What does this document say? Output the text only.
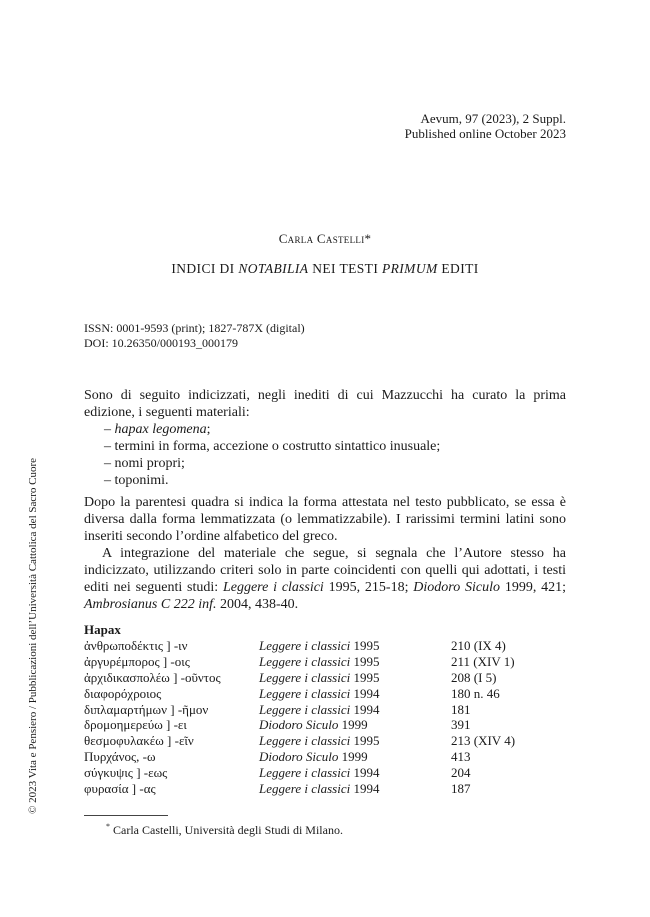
Aevum, 97 (2023), 2 Suppl.
Published online October 2023
Carla Castelli*
INDICI DI NOTABILIA NEI TESTI PRIMUM EDITI
ISSN: 0001-9593 (print); 1827-787X (digital)
DOI: 10.26350/000193_000179
Sono di seguito indicizzati, negli inediti di cui Mazzucchi ha curato la prima edizione, i seguenti materiali:
– hapax legomena;
– termini in forma, accezione o costrutto sintattico inusuale;
– nomi propri;
– toponimi.
Dopo la parentesi quadra si indica la forma attestata nel testo pubblicato, se essa è diversa dalla forma lemmatizzata (o lemmatizzabile). I rarissimi termini latini sono inseriti secondo l’ordine alfabetico del greco.
A integrazione del materiale che segue, si segnala che l’Autore stesso ha indicizzato, utilizzando criteri solo in parte coincidenti con quelli qui adottati, i testi editi nei seguenti studi: Leggere i classici 1995, 215-18; Diodoro Siculo 1999, 421; Ambrosianus C 222 inf. 2004, 438-40.
Hapax
ἀνθρωποδέκτις ] -ιν	Leggere i classici 1995	210 (IX 4)
ἀργυρέμπορος ] -οις	Leggere i classici 1995	211 (XIV 1)
ἀρχιδικασπολέω ] -οῦντος	Leggere i classici 1995	208 (I 5)
διαφορόχροιος	Leggere i classici 1994	180 n. 46
διπλαμαρτήμων ] -ῆμον	Leggere i classici 1994	181
δρομοημερεύω ] -ει	Diodoro Siculo 1999	391
θεσμοφυλακέω ] -εῖν	Leggere i classici 1995	213 (XIV 4)
Πυρχάνος, -ω	Diodoro Siculo 1999	413
σύγκυψις ] -εως	Leggere i classici 1994	204
φυρασία ] -ας	Leggere i classici 1994	187
* Carla Castelli, Università degli Studi di Milano.
© 2023 Vita e Pensiero / Pubblicazioni dell’Università Cattolica del Sacro Cuore
